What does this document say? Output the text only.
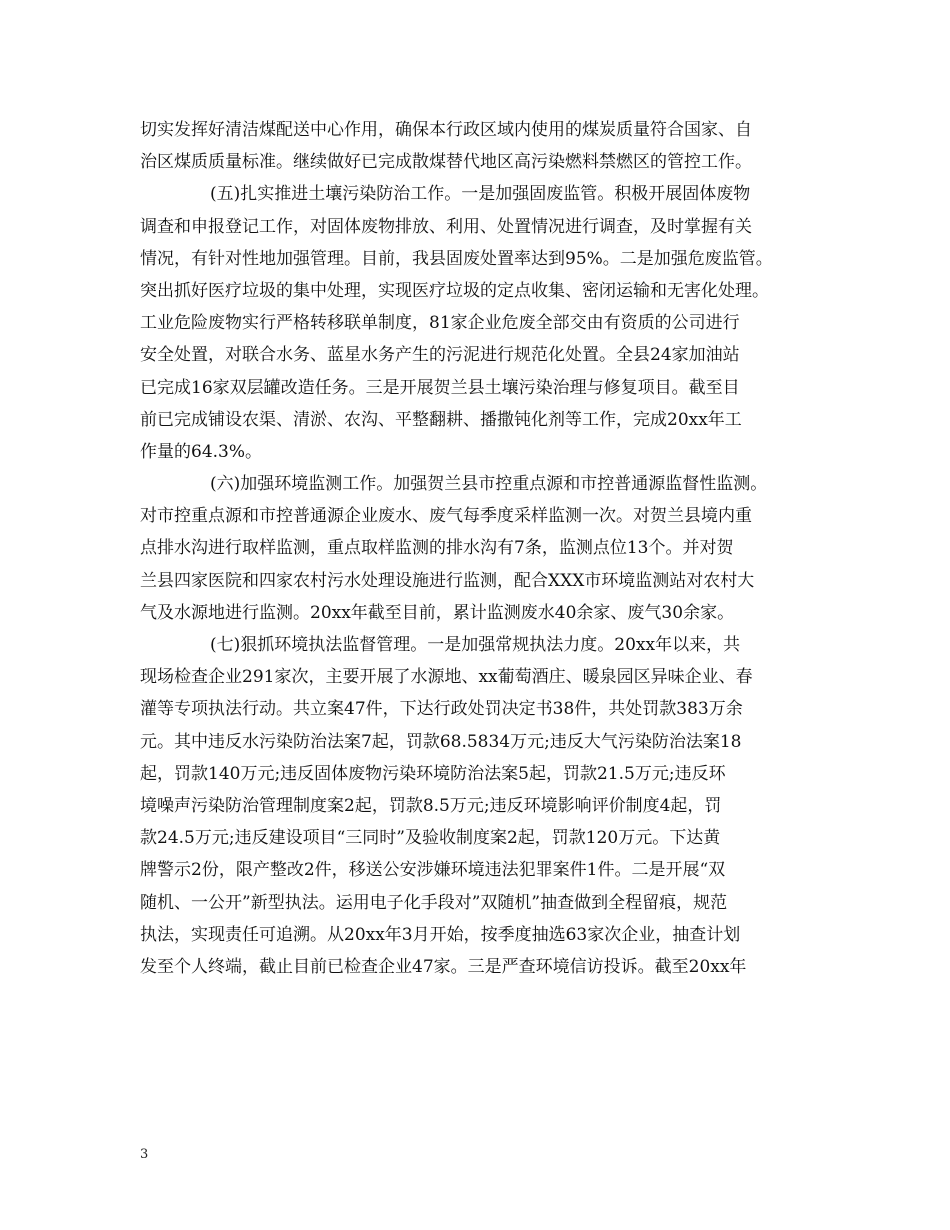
切实发挥好清洁煤配送中心作用，确保本行政区域内使用的煤炭质量符合国家、自
治区煤质质量标准。继续做好已完成散煤替代地区高污染燃料禁燃区的管控工作。
(五)扎实推进土壤污染防治工作。一是加强固废监管。积极开展固体废物
调查和申报登记工作，对固体废物排放、利用、处置情况进行调查，及时掌握有关
情况，有针对性地加强管理。目前，我县固废处置率达到95%。二是加强危废监管。
突出抓好医疗垃圾的集中处理，实现医疗垃圾的定点收集、密闭运输和无害化处理。
工业危险废物实行严格转移联单制度，81家企业危废全部交由有资质的公司进行
安全处置，对联合水务、蓝星水务产生的污泥进行规范化处置。全县24家加油站
已完成16家双层罐改造任务。三是开展贺兰县土壤污染治理与修复项目。截至目
前已完成铺设农渠、清淤、农沟、平整翻耕、播撒钝化剂等工作，完成20xx年工
作量的64.3%。
(六)加强环境监测工作。加强贺兰县市控重点源和市控普通源监督性监测。
对市控重点源和市控普通源企业废水、废气每季度采样监测一次。对贺兰县境内重
点排水沟进行取样监测，重点取样监测的排水沟有7条，监测点位13个。并对贺
兰县四家医院和四家农村污水处理设施进行监测，配合XXX市环境监测站对农村大
气及水源地进行监测。20xx年截至目前，累计监测废水40余家、废气30余家。
(七)狠抓环境执法监督管理。一是加强常规执法力度。20xx年以来，共
现场检查企业291家次，主要开展了水源地、xx葡萄酒庄、暖泉园区异味企业、春
灌等专项执法行动。共立案47件，下达行政处罚决定书38件，共处罚款383万余
元。其中违反水污染防治法案7起，罚款68.5834万元;违反大气污染防治法案18
起，罚款140万元;违反固体废物污染环境防治法案5起，罚款21.5万元;违反环
境噪声污染防治管理制度案2起，罚款8.5万元;违反环境影响评价制度4起，罚
款24.5万元;违反建设项目“三同时”及验收制度案2起，罚款120万元。下达黄
牌警示2份，限产整改2件，移送公安涉嫌环境违法犯罪案件1件。二是开展“双
随机、一公开”新型执法。运用电子化手段对”双随机”抽查做到全程留痕，规范
执法，实现责任可追溯。从20xx年3月开始，按季度抽选63家次企业，抽查计划
发至个人终端，截止目前已检查企业47家。三是严查环境信访投诉。截至20xx年
3
